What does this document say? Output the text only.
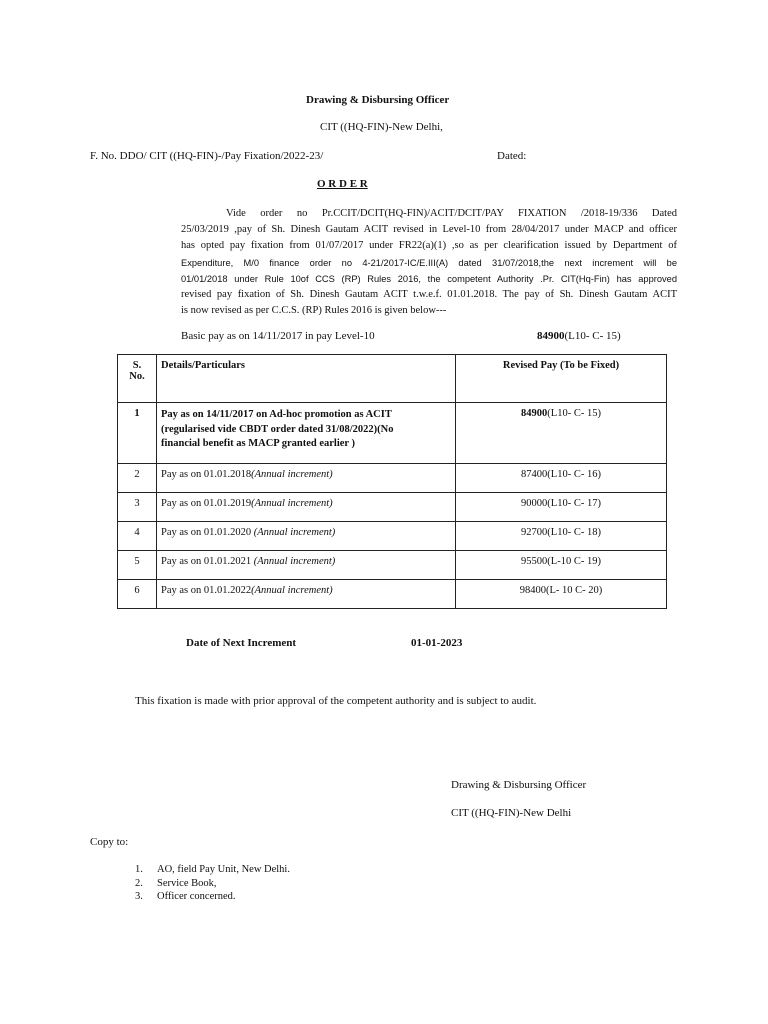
Drawing & Disbursing Officer
CIT ((HQ-FIN)-New Delhi,
F. No. DDO/ CIT ((HQ-FIN)-/Pay Fixation/2022-23/	Dated:
O R D E R
Vide order no Pr.CCIT/DCIT(HQ-FIN)/ACIT/DCIT/PAY FIXATION /2018-19/336 Dated
25/03/2019 ,pay of Sh. Dinesh Gautam ACIT revised in Level-10 from 28/04/2017 under MACP and officer
has opted pay fixation from 01/07/2017 under FR22(a)(1) ,so as per clearification issued by Department of
Expenditure, M/0 finance order no 4-21/2017-IC/E.III(A) dated 31/07/2018,the next increment will be
01/01/2018 under Rule 10of CCS (RP) Rules 2016, the competent Authority .Pr. CIT(Hq-Fin) has approved
revised pay fixation of Sh. Dinesh Gautam ACIT t.w.e.f. 01.01.2018. The pay of Sh. Dinesh Gautam ACIT
is now revised as per C.C.S. (RP) Rules 2016 is given below---
Basic pay as on 14/11/2017 in pay Level-10	84900(L10- C- 15)
S.
No.	Details/Particulars	Revised Pay (To be Fixed)
1	Pay as on 14/11/2017 on Ad-hoc promotion as ACIT
(regularised vide CBDT order dated 31/08/2022)(No
financial benefit as MACP granted earlier )	84900(L10- C- 15)
2	Pay as on 01.01.2018(Annual increment)	87400(L10- C- 16)
3	Pay as on 01.01.2019(Annual increment)	90000(L10- C- 17)
4	Pay as on 01.01.2020 (Annual increment)	92700(L10- C- 18)
5	Pay as on 01.01.2021 (Annual increment)	95500(L-10 C- 19)
6	Pay as on 01.01.2022(Annual increment)	98400(L- 10 C- 20)
Date of Next Increment	01-01-2023
This fixation is made with prior approval of the competent authority and is subject to audit.
Drawing & Disbursing Officer
CIT ((HQ-FIN)-New Delhi
Copy to:
1. AO, field Pay Unit, New Delhi.
2. Service Book,
3. Officer concerned.
